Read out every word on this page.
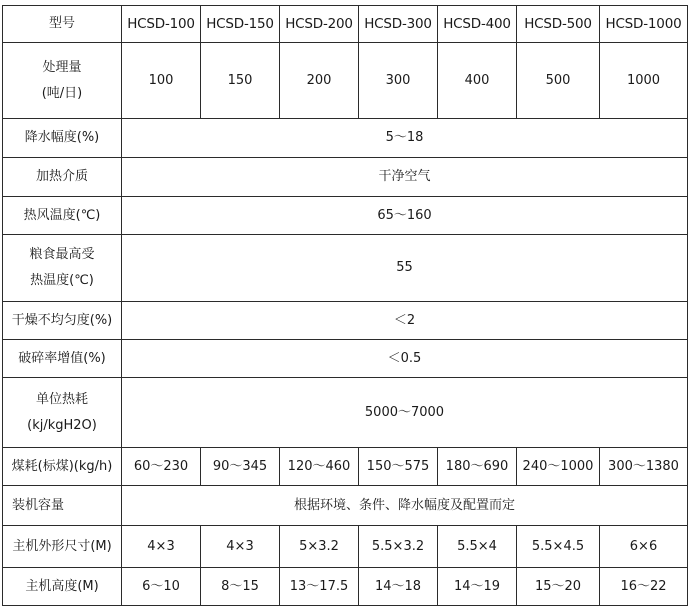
型号	HCSD-100	HCSD-150	HCSD-200	HCSD-300	HCSD-400	HCSD-500	HCSD-1000

处理量
(吨/日)	100	150	200	300	400	500	1000
降水幅度(%)	5～18						
加热介质	干净空气						
热风温度(℃)	65～160						

粮食最高受
热温度(℃)	55						
干燥不均匀度(%)	＜2						
破碎率增值(%)	＜0.5						

单位热耗
(kj/kgH2O)	5000～7000						
煤耗(标煤)(kg/h)	60～230	90～345	120～460	150～575	180～690	240～1000	300～1380
装机容量	根据环境、条件、降水幅度及配置而定						
主机外形尺寸(M)	4×3	4×3	5×3.2	5.5×3.2	5.5×4	5.5×4.5	6×6
主机高度(M)	6～10	8～15	13～17.5	14～18	14～19	15～20	16～22
